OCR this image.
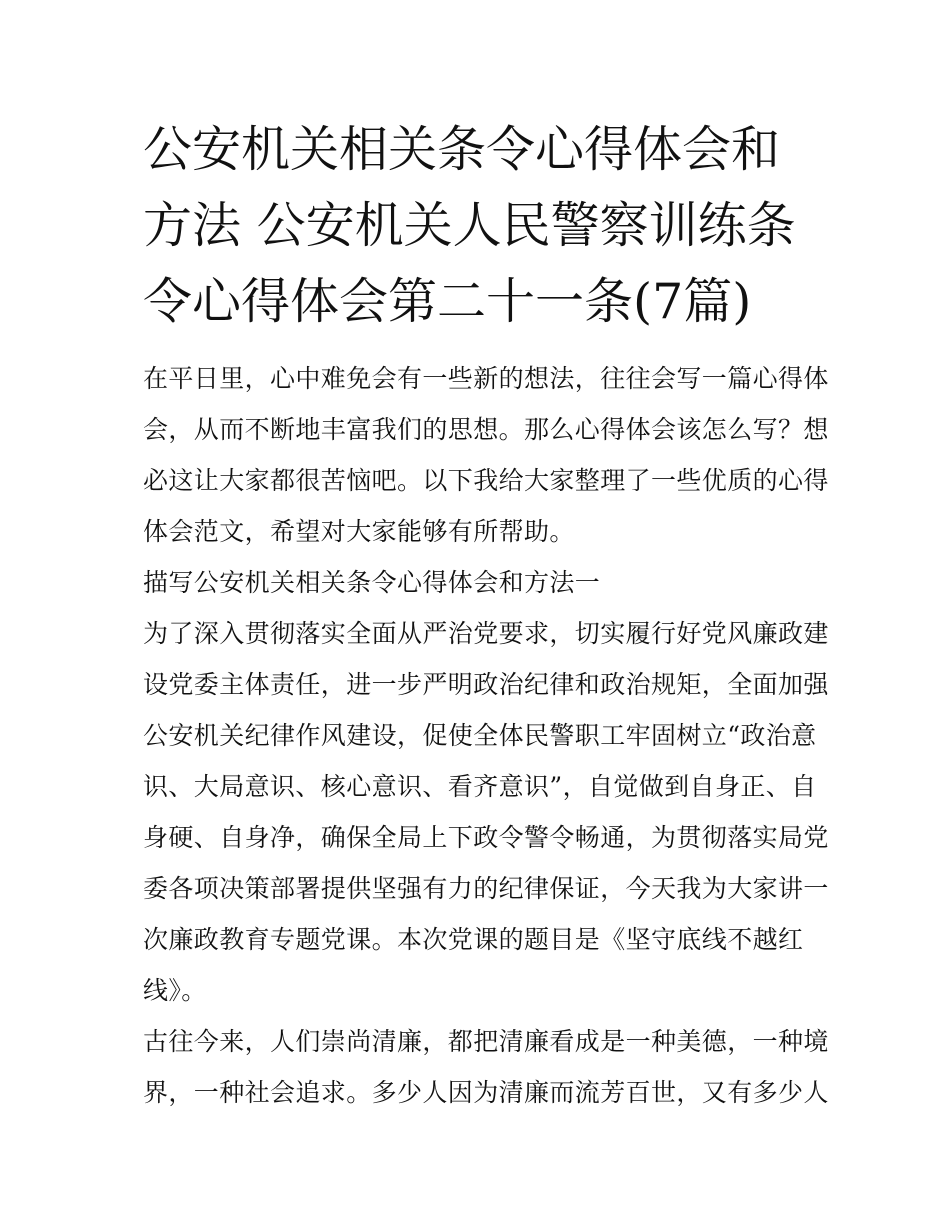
公安机关相关条令心得体会和
方法 公安机关人民警察训练条
令心得体会第二十一条(7篇)

在平日里，心中难免会有一些新的想法，往往会写一篇心得体
会，从而不断地丰富我们的思想。那么心得体会该怎么写？想
必这让大家都很苦恼吧。以下我给大家整理了一些优质的心得
体会范文，希望对大家能够有所帮助。

描写公安机关相关条令心得体会和方法一

为了深入贯彻落实全面从严治党要求，切实履行好党风廉政建
设党委主体责任，进一步严明政治纪律和政治规矩，全面加强
公安机关纪律作风建设，促使全体民警职工牢固树立“政治意
识、大局意识、核心意识、看齐意识”，自觉做到自身正、自
身硬、自身净，确保全局上下政令警令畅通，为贯彻落实局党
委各项决策部署提供坚强有力的纪律保证，今天我为大家讲一
次廉政教育专题党课。本次党课的题目是《坚守底线不越红
线》。

古往今来，人们崇尚清廉，都把清廉看成是一种美德，一种境
界，一种社会追求。多少人因为清廉而流芳百世，又有多少人
